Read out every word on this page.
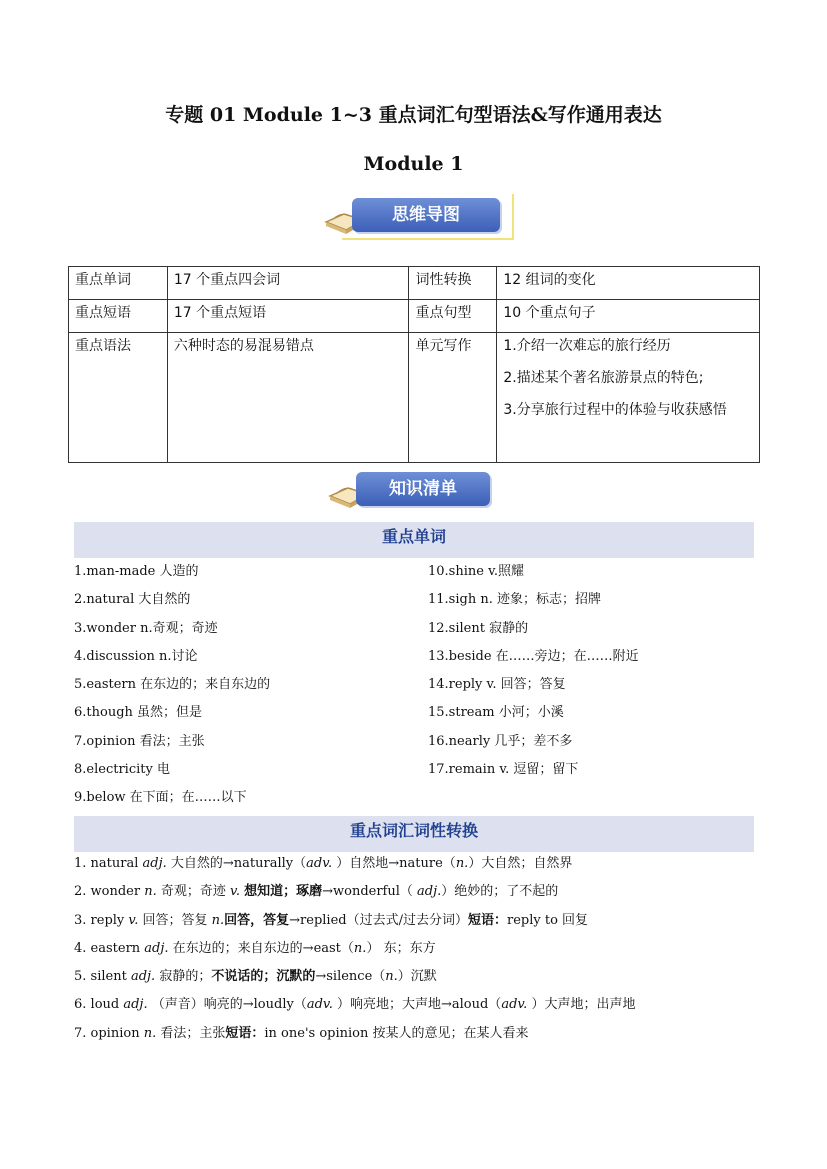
专题 01 Module 1~3 重点词汇句型语法&写作通用表达
Module 1
思维导图
重点单词	17 个重点四会词	词性转换	12 组词的变化
重点短语	17 个重点短语	重点句型	10 个重点句子
重点语法	六种时态的易混易错点	单元写作	1.介绍一次难忘的旅行经历

2.描述某个著名旅游景点的特色;

3.分享旅行过程中的体验与收获感悟

知识清单
重点单词
1.man-made 人造的
2.natural 大自然的
3.wonder n.奇观；奇迹
4.discussion n.讨论
5.eastern 在东边的；来自东边的
6.though 虽然；但是
7.opinion 看法；主张
8.electricity 电
9.below 在下面；在……以下
10.shine v.照耀
11.sigh n. 迹象；标志；招牌
12.silent 寂静的
13.beside 在……旁边；在……附近
14.reply v. 回答；答复
15.stream 小河；小溪
16.nearly 几乎；差不多
17.remain v. 逗留；留下
重点词汇词性转换
1. natural adj. 大自然的→naturally（adv. ）自然地→nature（n.）大自然；自然界
2. wonder n. 奇观；奇迹 v. 想知道；琢磨→wonderful（ adj.）绝妙的；了不起的
3. reply v. 回答；答复 n.回答，答复→replied（过去式/过去分词）短语：reply to 回复
4. eastern adj. 在东边的；来自东边的→east（n.） 东；东方
5. silent adj. 寂静的；不说话的；沉默的→silence（n.）沉默
6. loud adj. （声音）响亮的→loudly（adv. ）响亮地；大声地→aloud（adv. ）大声地；出声地
7. opinion n. 看法；主张短语：in one's opinion 按某人的意见；在某人看来
